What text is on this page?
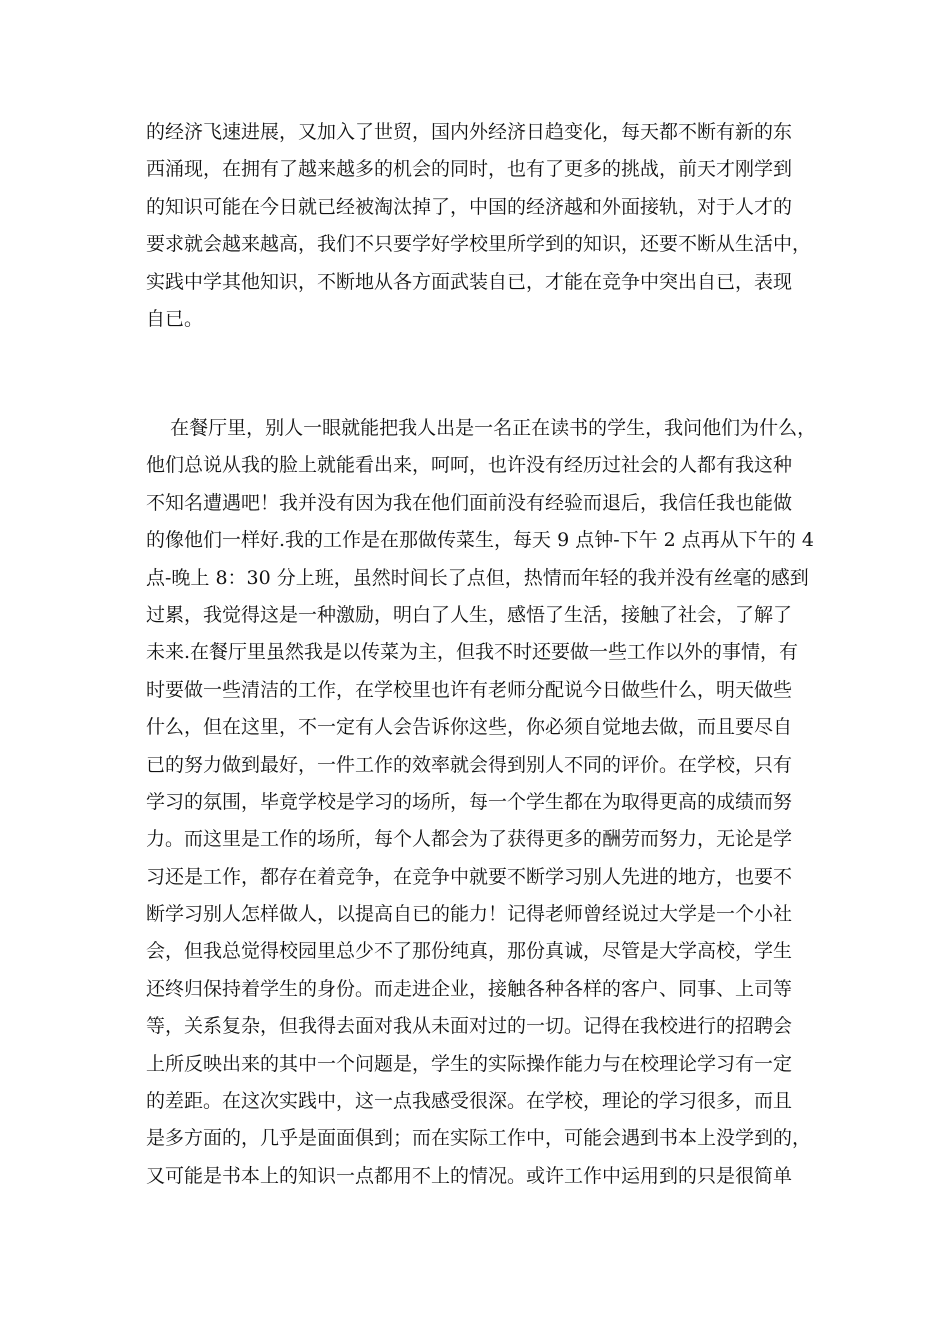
的经济飞速进展，又加入了世贸，国内外经济日趋变化，每天都不断有新的东
西涌现，在拥有了越来越多的机会的同时，也有了更多的挑战，前天才刚学到
的知识可能在今日就已经被淘汰掉了，中国的经济越和外面接轨，对于人才的
要求就会越来越高，我们不只要学好学校里所学到的知识，还要不断从生活中，
实践中学其他知识，不断地从各方面武装自已，才能在竞争中突出自已，表现
自已。
在餐厅里，别人一眼就能把我人出是一名正在读书的学生，我问他们为什么，
他们总说从我的脸上就能看出来，呵呵，也许没有经历过社会的人都有我这种
不知名遭遇吧！我并没有因为我在他们面前没有经验而退后，我信任我也能做
的像他们一样好.我的工作是在那做传菜生，每天 9 点钟-下午 2 点再从下午的 4
点-晚上 8：30 分上班，虽然时间长了点但，热情而年轻的我并没有丝毫的感到
过累，我觉得这是一种激励，明白了人生，感悟了生活，接触了社会，了解了
未来.在餐厅里虽然我是以传菜为主，但我不时还要做一些工作以外的事情，有
时要做一些清洁的工作，在学校里也许有老师分配说今日做些什么，明天做些
什么，但在这里，不一定有人会告诉你这些，你必须自觉地去做，而且要尽自
已的努力做到最好，一件工作的效率就会得到别人不同的评价。在学校，只有
学习的氛围，毕竟学校是学习的场所，每一个学生都在为取得更高的成绩而努
力。而这里是工作的场所，每个人都会为了获得更多的酬劳而努力，无论是学
习还是工作，都存在着竞争，在竞争中就要不断学习别人先进的地方，也要不
断学习别人怎样做人，以提高自已的能力！记得老师曾经说过大学是一个小社
会，但我总觉得校园里总少不了那份纯真，那份真诚，尽管是大学高校，学生
还终归保持着学生的身份。而走进企业，接触各种各样的客户、同事、上司等
等，关系复杂，但我得去面对我从未面对过的一切。记得在我校进行的招聘会
上所反映出来的其中一个问题是，学生的实际操作能力与在校理论学习有一定
的差距。在这次实践中，这一点我感受很深。在学校，理论的学习很多，而且
是多方面的，几乎是面面俱到；而在实际工作中，可能会遇到书本上没学到的，
又可能是书本上的知识一点都用不上的情况。或许工作中运用到的只是很简单
